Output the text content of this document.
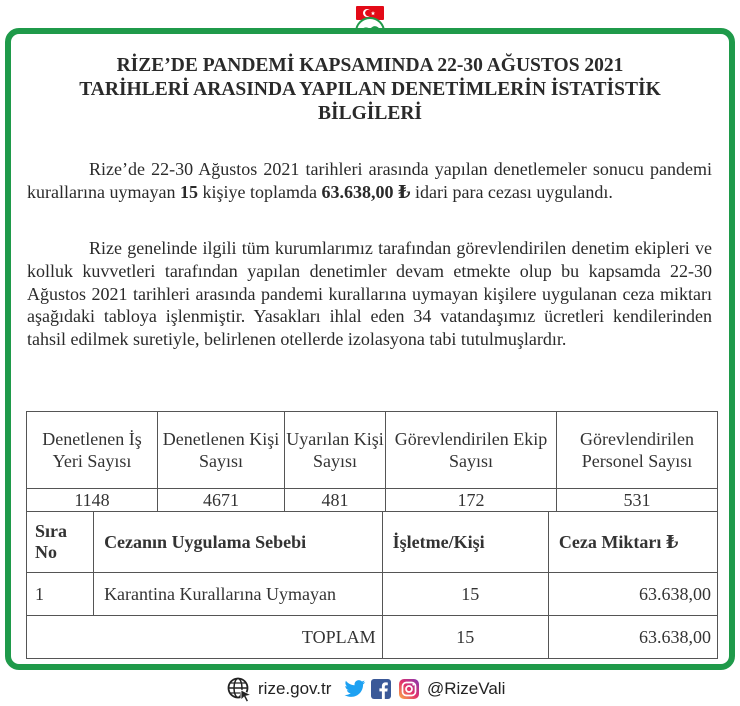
RİZE’DE PANDEMİ KAPSAMINDA 22-30 AĞUSTOS 2021
TARİHLERİ ARASINDA YAPILAN DENETİMLERİN İSTATİSTİK
BİLGİLERİ
Rize’de 22-30 Ağustos 2021 tarihleri arasında yapılan denetlemeler sonucu pandemi kurallarına uymayan 15 kişiye toplamda 63.638,00 ₺ idari para cezası uygulandı.
Rize genelinde ilgili tüm kurumlarımız tarafından görevlendirilen denetim ekipleri ve kolluk kuvvetleri tarafından yapılan denetimler devam etmekte olup bu kapsamda 22-30 Ağustos 2021 tarihleri arasında pandemi kurallarına uymayan kişilere uygulanan ceza miktarı aşağıdaki tabloya işlenmiştir. Yasakları ihlal eden 34 vatandaşımız ücretleri kendilerinden tahsil edilmek suretiyle, belirlenen otellerde izolasyona tabi tutulmuşlardır.
Denetlenen İş Yeri Sayısı	Denetlenen Kişi Sayısı	Uyarılan Kişi Sayısı	Görevlendirilen Ekip Sayısı	Görevlendirilen Personel Sayısı
1148	4671	481	172	531
Sıra No	Cezanın Uygulama Sebebi	İşletme/Kişi	Ceza Miktarı ₺
1	Karantina Kurallarına Uymayan	15	63.638,00
TOPLAM		15	63.638,00
rize.gov.tr	@RizeVali
